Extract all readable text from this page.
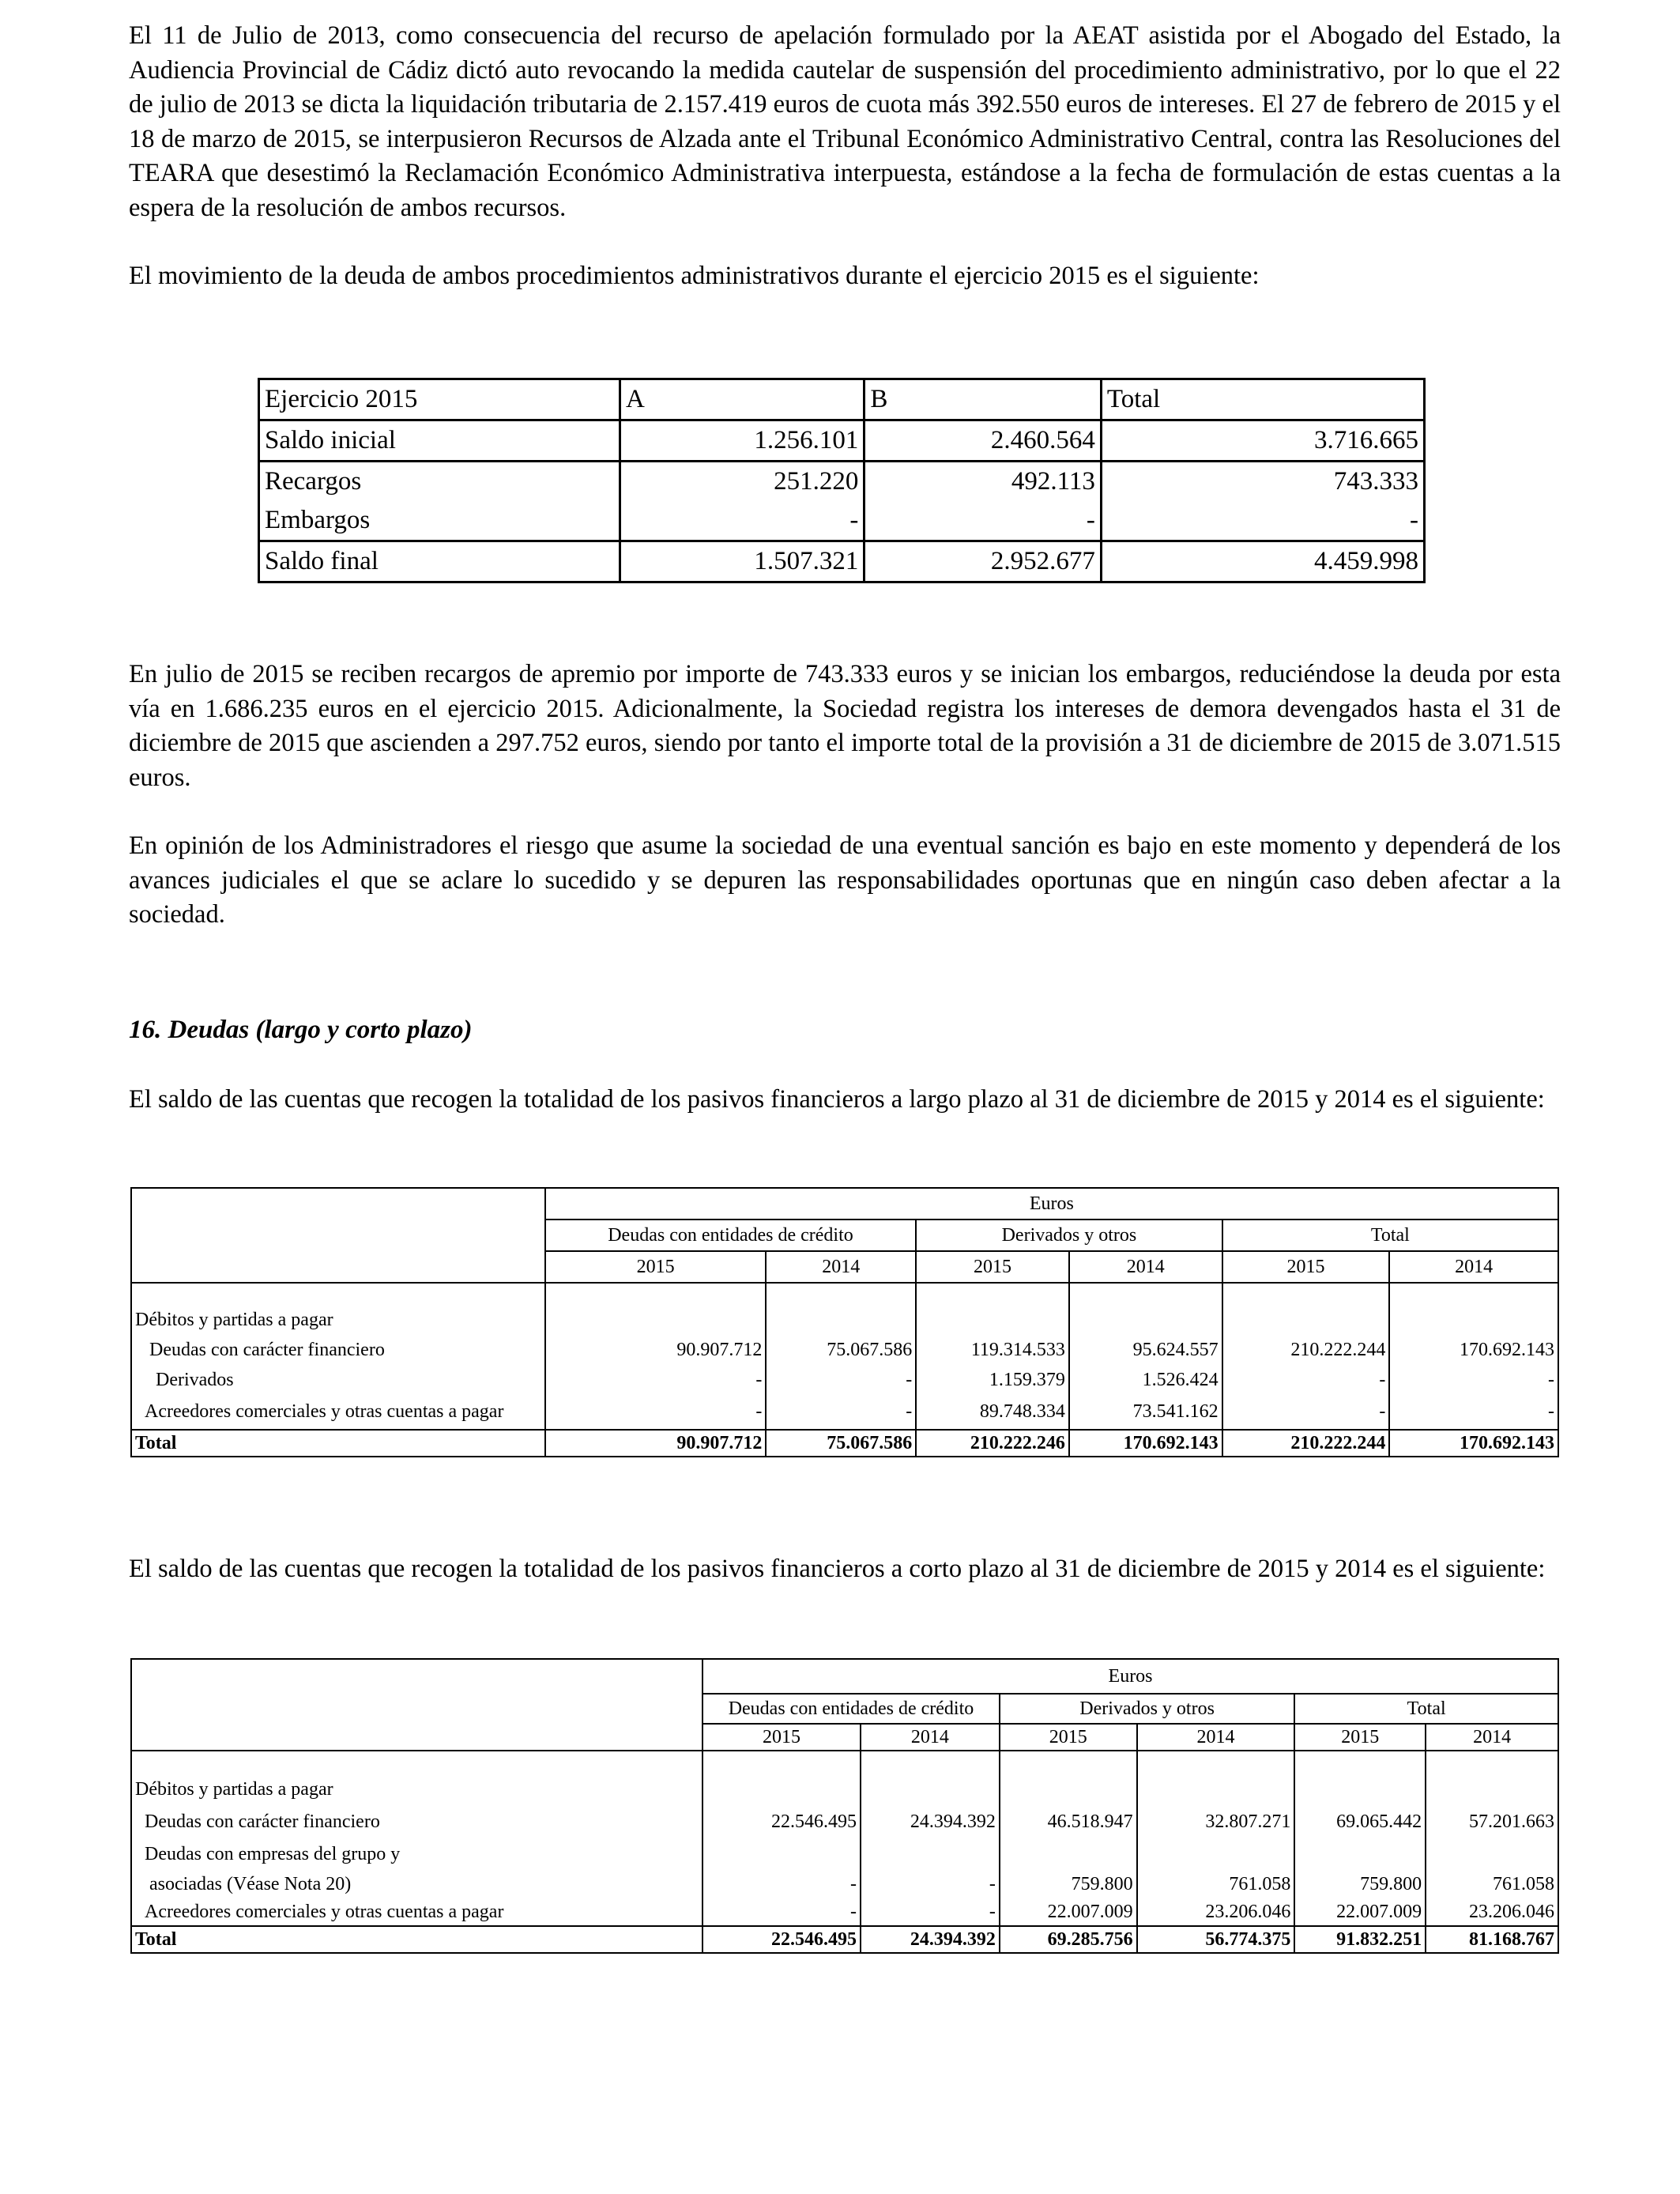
El 11 de Julio de 2013, como consecuencia del recurso de apelación formulado por la AEAT asistida por el Abogado del Estado, la Audiencia Provincial de Cádiz dictó auto revocando la medida cautelar de suspensión del procedimiento administrativo, por lo que el 22 de julio de 2013 se dicta la liquidación tributaria de 2.157.419 euros de cuota más 392.550 euros de intereses. El 27 de febrero de 2015 y el 18 de marzo de 2015, se interpusieron Recursos de Alzada ante el Tribunal Económico Administrativo Central, contra las Resoluciones del TEARA que desestimó la Reclamación Económico Administrativa interpuesta, estándose a la fecha de formulación de estas cuentas a la espera de la resolución de ambos recursos.

El movimiento de la deuda de ambos procedimientos administrativos durante el ejercicio 2015 es el siguiente:

Ejercicio 2015	A	B	Total
Saldo inicial	1.256.101	2.460.564	3.716.665
Recargos	251.220	492.113	743.333
Embargos	-	-	-
Saldo final	1.507.321	2.952.677	4.459.998

En julio de 2015 se reciben recargos de apremio por importe de 743.333 euros y se inician los embargos, reduciéndose la deuda por esta vía en 1.686.235 euros en el ejercicio 2015. Adicionalmente, la Sociedad registra los intereses de demora devengados hasta el 31 de diciembre de 2015 que ascienden a 297.752 euros, siendo por tanto el importe total de la provisión a 31 de diciembre de 2015 de 3.071.515 euros.

En opinión de los Administradores el riesgo que asume la sociedad de una eventual sanción es bajo en este momento y dependerá de los avances judiciales el que se aclare lo sucedido y se depuren las responsabilidades oportunas que en ningún caso deben afectar a la sociedad.

16. Deudas (largo y corto plazo)

El saldo de las cuentas que recogen la totalidad de los pasivos financieros a largo plazo al 31 de diciembre de 2015 y 2014 es el siguiente:

	Euros					
	Deudas con entidades de crédito		Derivados y otros		Total	
	2015	2014	2015	2014	2015	2014

Débitos y partidas a pagar						
Deudas con carácter financiero	90.907.712	75.067.586	119.314.533	95.624.557	210.222.244	170.692.143
Derivados	-	-	1.159.379	1.526.424	-	-
Acreedores comerciales y otras cuentas a pagar	-	-	89.748.334	73.541.162	-	-
Total	90.907.712	75.067.586	210.222.246	170.692.143	210.222.244	170.692.143

El saldo de las cuentas que recogen la totalidad de los pasivos financieros a corto plazo al 31 de diciembre de 2015 y 2014 es el siguiente:

	Euros					
	Deudas con entidades de crédito		Derivados y otros		Total	
	2015	2014	2015	2014	2015	2014

Débitos y partidas a pagar						
Deudas con carácter financiero	22.546.495	24.394.392	46.518.947	32.807.271	69.065.442	57.201.663
Deudas con empresas del grupo y						
asociadas (Véase Nota 20)	-	-	759.800	761.058	759.800	761.058
Acreedores comerciales y otras cuentas a pagar	-	-	22.007.009	23.206.046	22.007.009	23.206.046
Total	22.546.495	24.394.392	69.285.756	56.774.375	91.832.251	81.168.767
